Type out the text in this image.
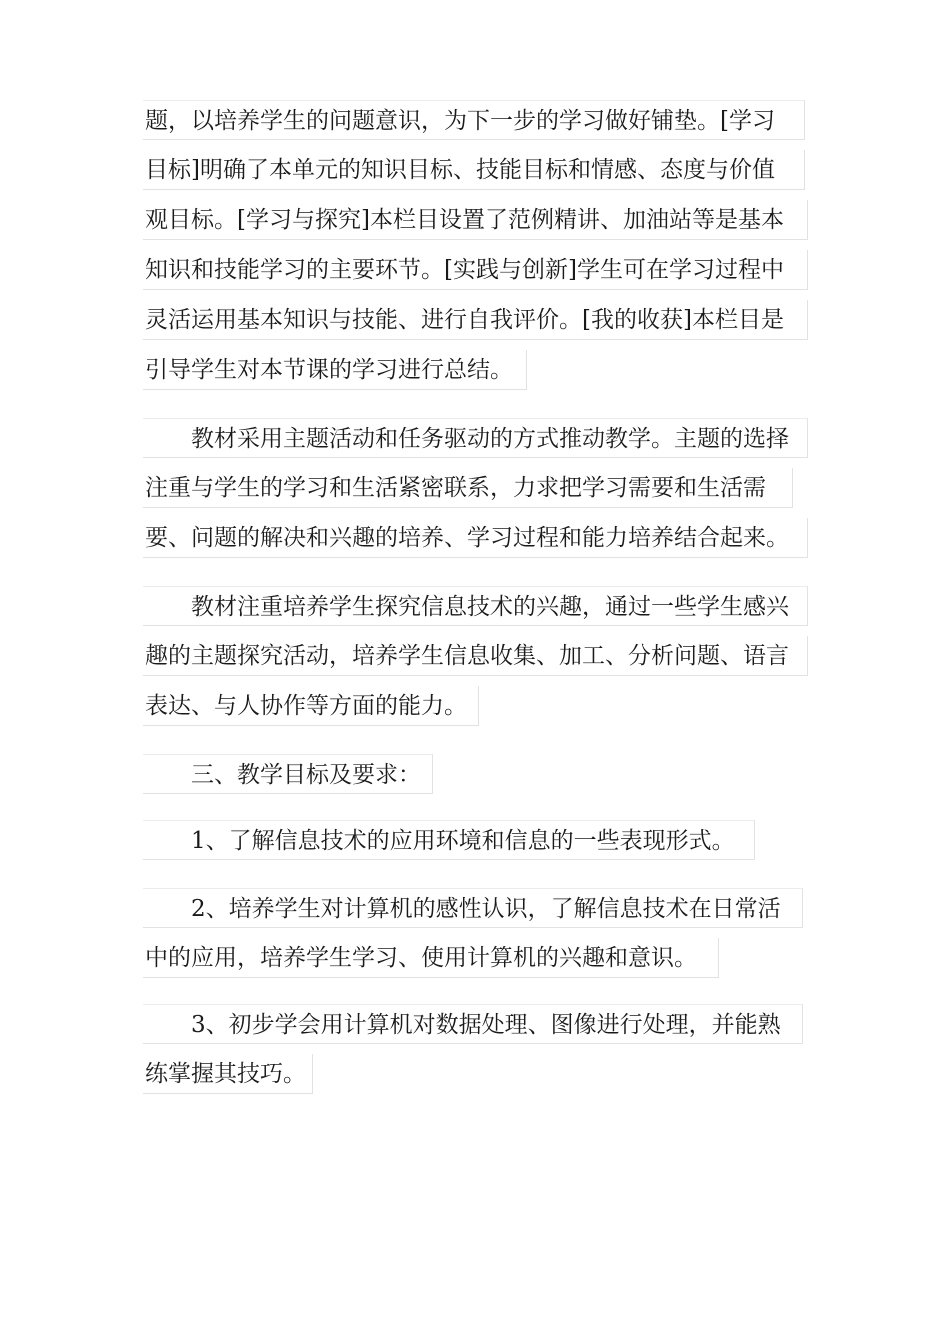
题，以培养学生的问题意识，为下一步的学习做好铺垫。[学习
目标]明确了本单元的知识目标、技能目标和情感、态度与价值
观目标。[学习与探究]本栏目设置了范例精讲、加油站等是基本
知识和技能学习的主要环节。[实践与创新]学生可在学习过程中
灵活运用基本知识与技能、进行自我评价。[我的收获]本栏目是
引导学生对本节课的学习进行总结。
教材采用主题活动和任务驱动的方式推动教学。主题的选择
注重与学生的学习和生活紧密联系，力求把学习需要和生活需
要、问题的解决和兴趣的培养、学习过程和能力培养结合起来。
教材注重培养学生探究信息技术的兴趣，通过一些学生感兴
趣的主题探究活动，培养学生信息收集、加工、分析问题、语言
表达、与人协作等方面的能力。
三、教学目标及要求：
1、了解信息技术的应用环境和信息的一些表现形式。
2、培养学生对计算机的感性认识，了解信息技术在日常活
中的应用，培养学生学习、使用计算机的兴趣和意识。
3、初步学会用计算机对数据处理、图像进行处理，并能熟
练掌握其技巧。
